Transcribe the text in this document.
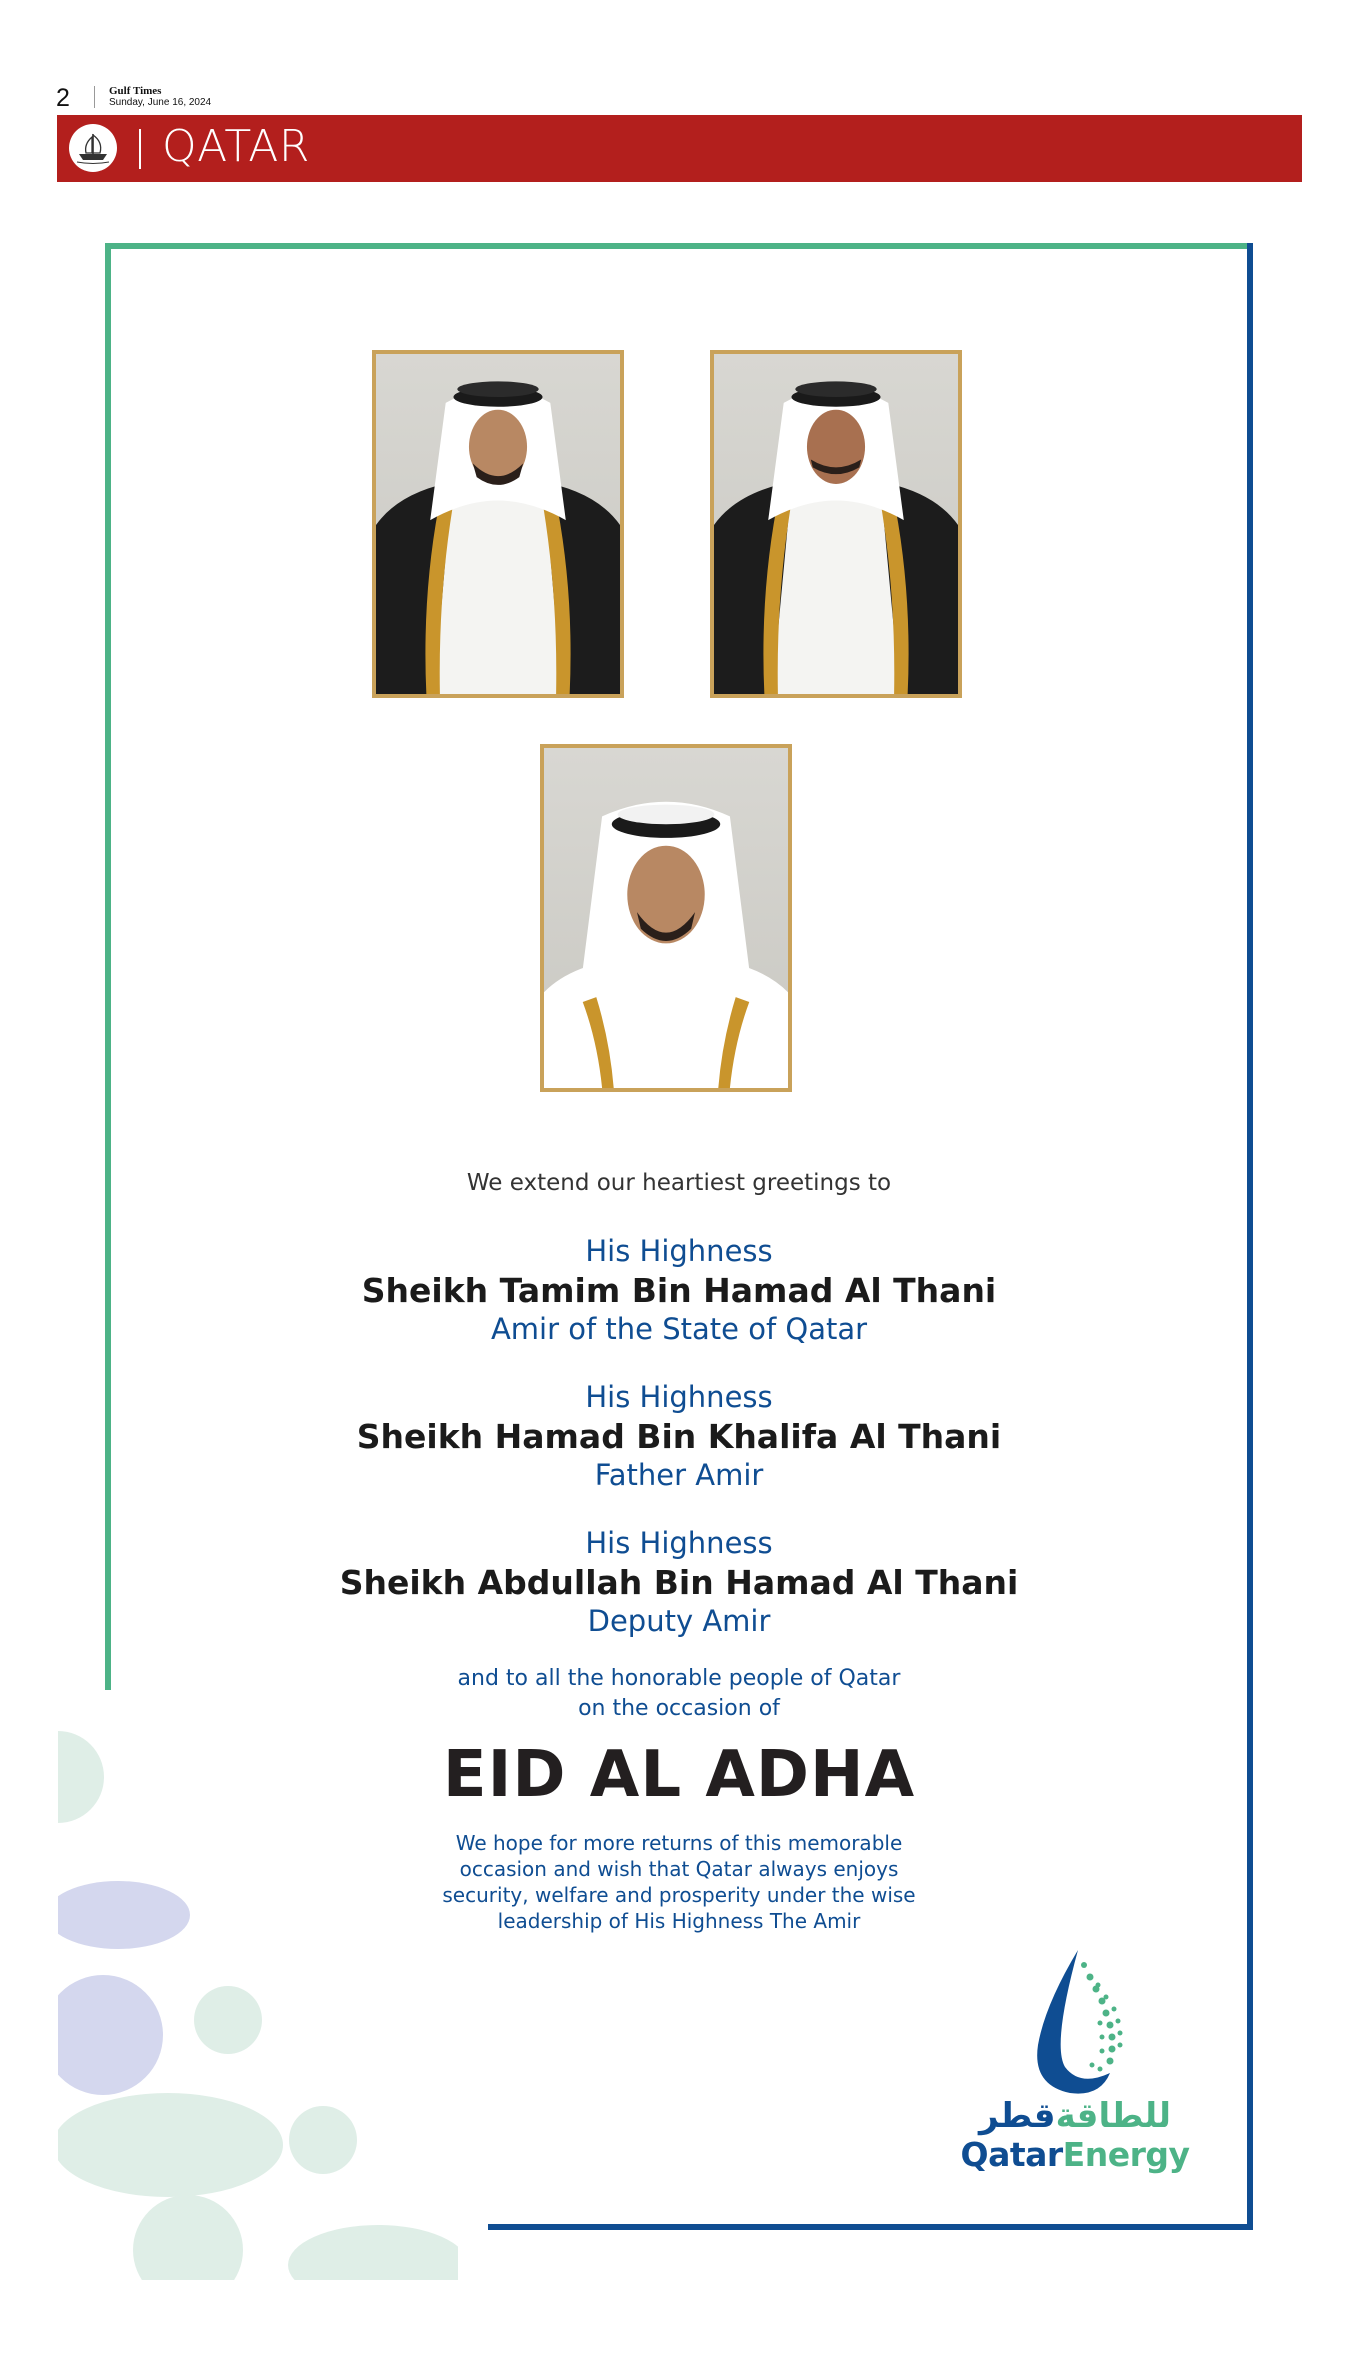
2	Gulf Times
Sunday, June 16, 2024
QATAR
We extend our heartiest greetings to
His Highness
Sheikh Tamim Bin Hamad Al Thani
Amir of the State of Qatar
His Highness
Sheikh Hamad Bin Khalifa Al Thani
Father Amir
His Highness
Sheikh Abdullah Bin Hamad Al Thani
Deputy Amir
and to all the honorable people of Qatar
on the occasion of
EID AL ADHA
We hope for more returns of this memorable
occasion and wish that Qatar always enjoys
security, welfare and prosperity under the wise
leadership of His Highness The Amir
للطاقةقطر
QatarEnergy
